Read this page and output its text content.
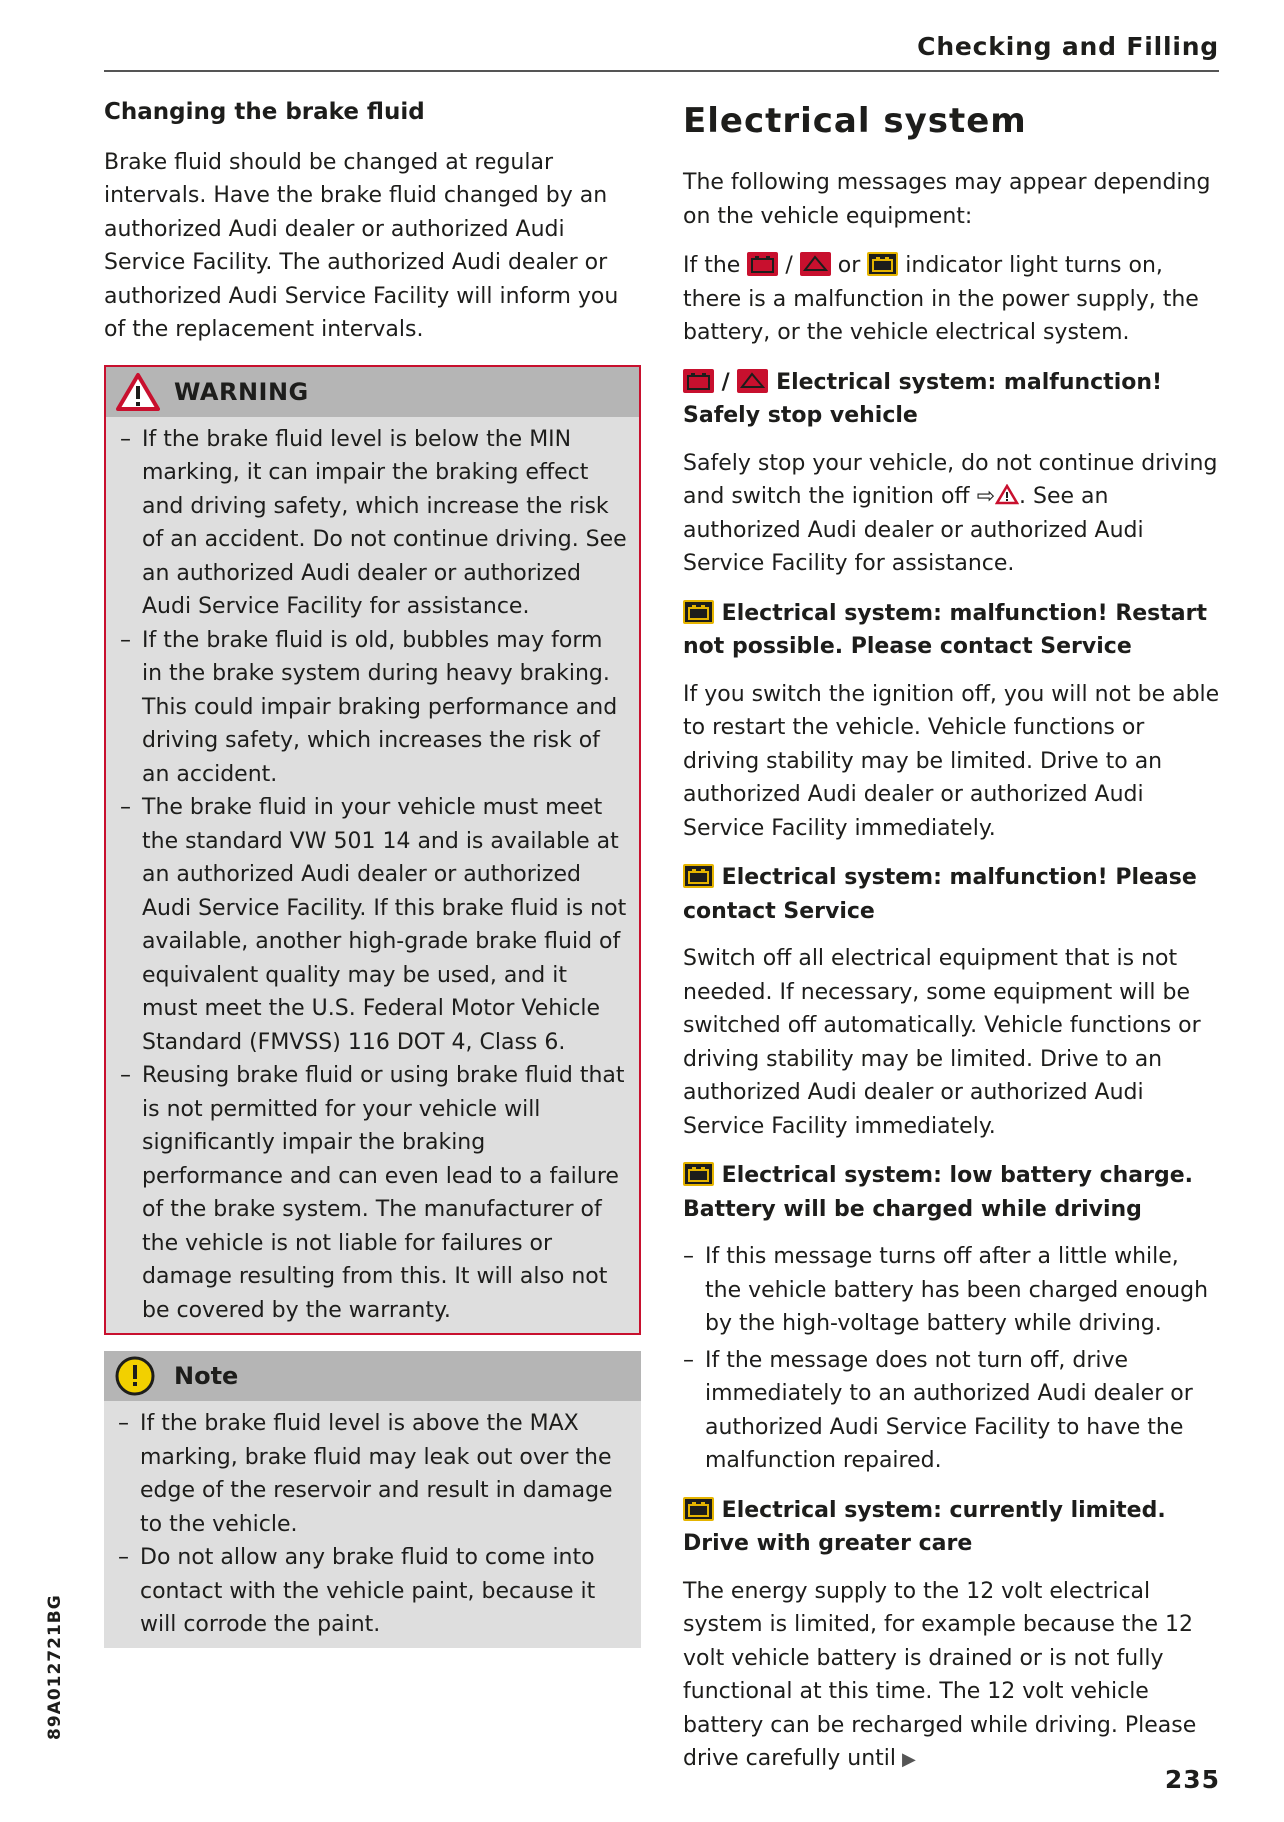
Checking and Filling
Changing the brake fluid

Brake fluid should be changed at regular intervals. Have the brake fluid changed by an authorized Audi dealer or authorized Audi Service Facility. The authorized Audi dealer or authorized Audi Service Facility will inform you of the replacement intervals.

WARNING

– If the brake fluid level is below the MIN marking, it can impair the braking effect and driving safety, which increase the risk of an accident. Do not continue driving. See an authorized Audi dealer or authorized Audi Service Facility for assistance.

– If the brake fluid is old, bubbles may form in the brake system during heavy braking. This could impair braking performance and driving safety, which increases the risk of an accident.

– The brake fluid in your vehicle must meet the standard VW 501 14 and is available at an authorized Audi dealer or authorized Audi Service Facility. If this brake fluid is not available, another high-grade brake fluid of equivalent quality may be used, and it must meet the U.S. Federal Motor Vehicle Standard (FMVSS) 116 DOT 4, Class 6.

– Reusing brake fluid or using brake fluid that is not permitted for your vehicle will significantly impair the braking performance and can even lead to a failure of the brake system. The manufacturer of the vehicle is not liable for failures or damage resulting from this. It will also not be covered by the warranty.

Note

– If the brake fluid level is above the MAX marking, brake fluid may leak out over the edge of the reservoir and result in damage to the vehicle.

– Do not allow any brake fluid to come into contact with the vehicle paint, because it will corrode the paint.

Electrical system

The following messages may appear depending on the vehicle equipment:

If the / or indicator light turns on, there is a malfunction in the power supply, the battery, or the vehicle electrical system.

/ Electrical system: malfunction! Safely stop vehicle

Safely stop your vehicle, do not continue driving and switch the ignition off ⇨ . See an authorized Audi dealer or authorized Audi Service Facility for assistance.

Electrical system: malfunction! Restart not possible. Please contact Service

If you switch the ignition off, you will not be able to restart the vehicle. Vehicle functions or driving stability may be limited. Drive to an authorized Audi dealer or authorized Audi Service Facility immediately.

Electrical system: malfunction! Please contact Service

Switch off all electrical equipment that is not needed. If necessary, some equipment will be switched off automatically. Vehicle functions or driving stability may be limited. Drive to an authorized Audi dealer or authorized Audi Service Facility immediately.

Electrical system: low battery charge. Battery will be charged while driving

– If this message turns off after a little while, the vehicle battery has been charged enough by the high-voltage battery while driving.

– If the message does not turn off, drive immediately to an authorized Audi dealer or authorized Audi Service Facility to have the malfunction repaired.

Electrical system: currently limited. Drive with greater care

The energy supply to the 12 volt electrical system is limited, for example because the 12 volt vehicle battery is drained or is not fully functional at this time. The 12 volt vehicle battery can be recharged while driving. Please drive carefully until ▶

89A012721BG
235
